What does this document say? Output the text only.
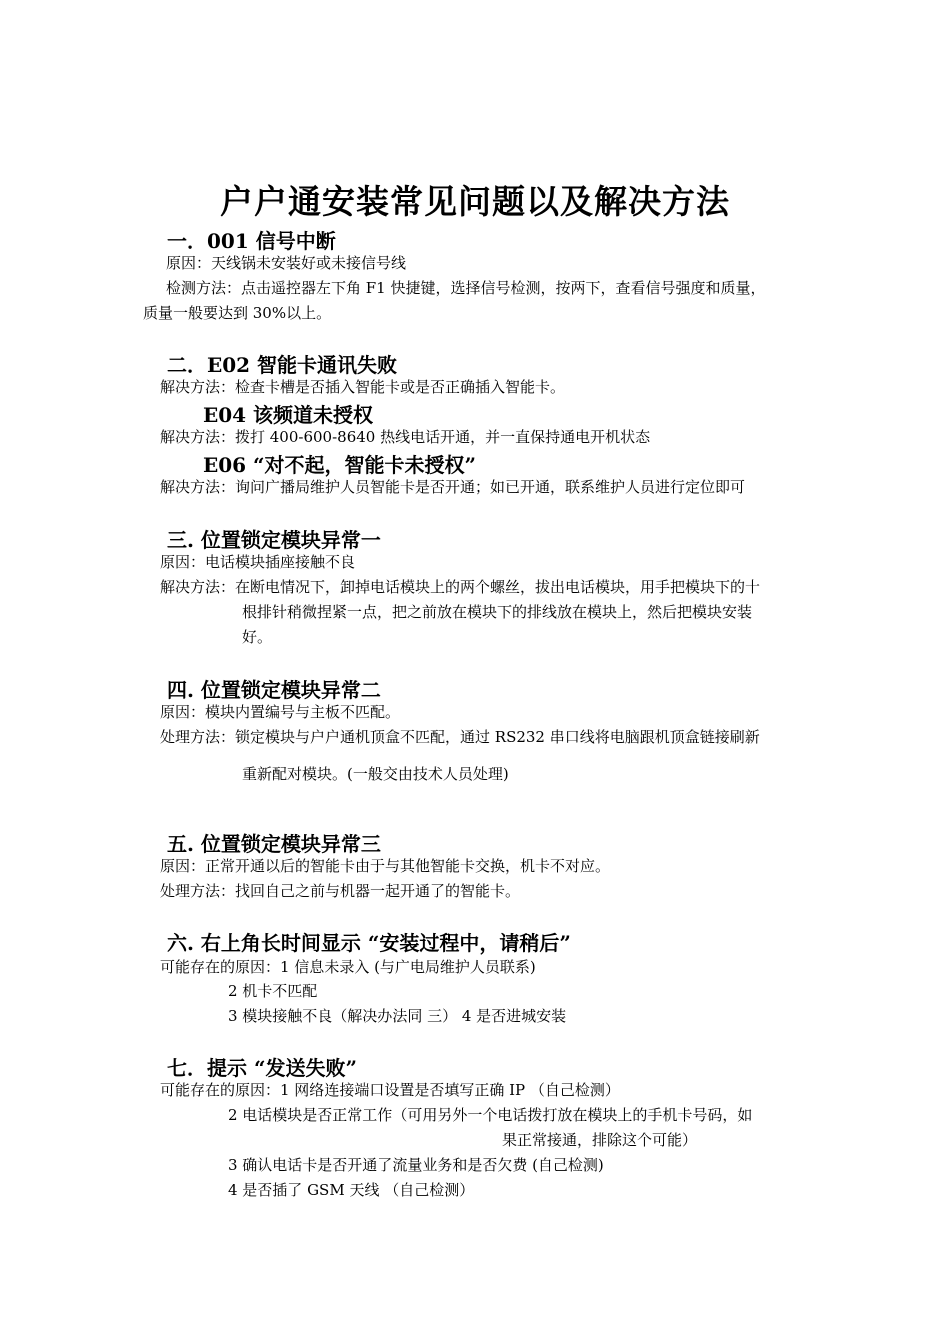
户户通安装常见问题以及解决方法
一．001 信号中断
原因：天线锅未安装好或未接信号线
检测方法：点击遥控器左下角 F1 快捷键，选择信号检测，按两下，查看信号强度和质量，
质量一般要达到 30%以上。
二．E02 智能卡通讯失败
解决方法：检查卡槽是否插入智能卡或是否正确插入智能卡。
E04 该频道未授权
解决方法：拨打 400-600-8640 热线电话开通，并一直保持通电开机状态
E06 “对不起，智能卡未授权”
解决方法：询问广播局维护人员智能卡是否开通；如已开通，联系维护人员进行定位即可
三. 位置锁定模块异常一
原因：电话模块插座接触不良
解决方法：在断电情况下，卸掉电话模块上的两个螺丝，拔出电话模块，用手把模块下的十
根排针稍微捏紧一点，把之前放在模块下的排线放在模块上，然后把模块安装
好。
四. 位置锁定模块异常二
原因：模块内置编号与主板不匹配。
处理方法：锁定模块与户户通机顶盒不匹配，通过 RS232 串口线将电脑跟机顶盒链接刷新
重新配对模块。(一般交由技术人员处理)
五. 位置锁定模块异常三
原因：正常开通以后的智能卡由于与其他智能卡交换，机卡不对应。
处理方法：找回自己之前与机器一起开通了的智能卡。
六. 右上角长时间显示 “安装过程中，请稍后”
可能存在的原因：1 信息未录入 (与广电局维护人员联系)
2 机卡不匹配
3 模块接触不良（解决办法同 三） 4 是否进城安装
七．提示 “发送失败”
可能存在的原因：1 网络连接端口设置是否填写正确 IP （自己检测）
2 电话模块是否正常工作（可用另外一个电话拨打放在模块上的手机卡号码，如
果正常接通，排除这个可能）
3 确认电话卡是否开通了流量业务和是否欠费 (自己检测)
4 是否插了 GSM 天线 （自己检测）
